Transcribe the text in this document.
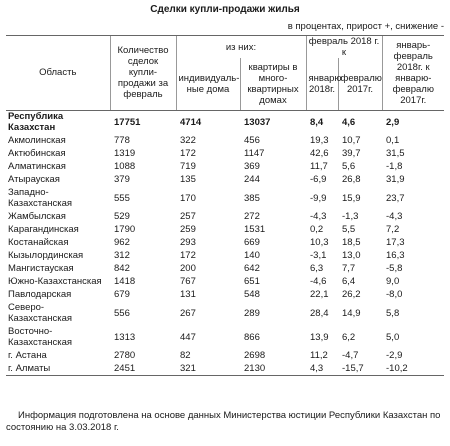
Сделки купли-продажи жилья
в процентах, прирост +, снижение -
Область	Количество сделок купли-продажи за февраль	из них:		февраль 2018 г. к		январь-февраль 2018г. к январю-февралю 2017г.
		индивидуаль-ные дома	квартиры в много-квартирных домах	январю 2018г.	февралю 2017г.	
Республика Казахстан	17751	4714	13037	8,4	4,6	2,9
Акмолинская	778	322	456	19,3	10,7	0,1
Актюбинская	1319	172	1147	42,6	39,7	31,5
Алматинская	1088	719	369	11,7	5,6	-1,8
Атырауская	379	135	244	-6,9	26,8	31,9
Западно-Казахстанская	555	170	385	-9,9	15,9	23,7
Жамбылская	529	257	272	-4,3	-1,3	-4,3
Карагандинская	1790	259	1531	0,2	5,5	7,2
Костанайская	962	293	669	10,3	18,5	17,3
Кызылординская	312	172	140	-3,1	13,0	16,3
Мангистауская	842	200	642	6,3	7,7	-5,8
Южно-Казахстанская	1418	767	651	-4,6	6,4	9,0
Павлодарская	679	131	548	22,1	26,2	-8,0
Северо-Казахстанская	556	267	289	28,4	14,9	5,8
Восточно-Казахстанская	1313	447	866	13,9	6,2	5,0
г. Астана	2780	82	2698	11,2	-4,7	-2,9
г. Алматы	2451	321	2130	4,3	-15,7	-10,2
Информация подготовлена на основе данных Министерства юстиции Республики Казахстан по состоянию на 3.03.2018 г.
